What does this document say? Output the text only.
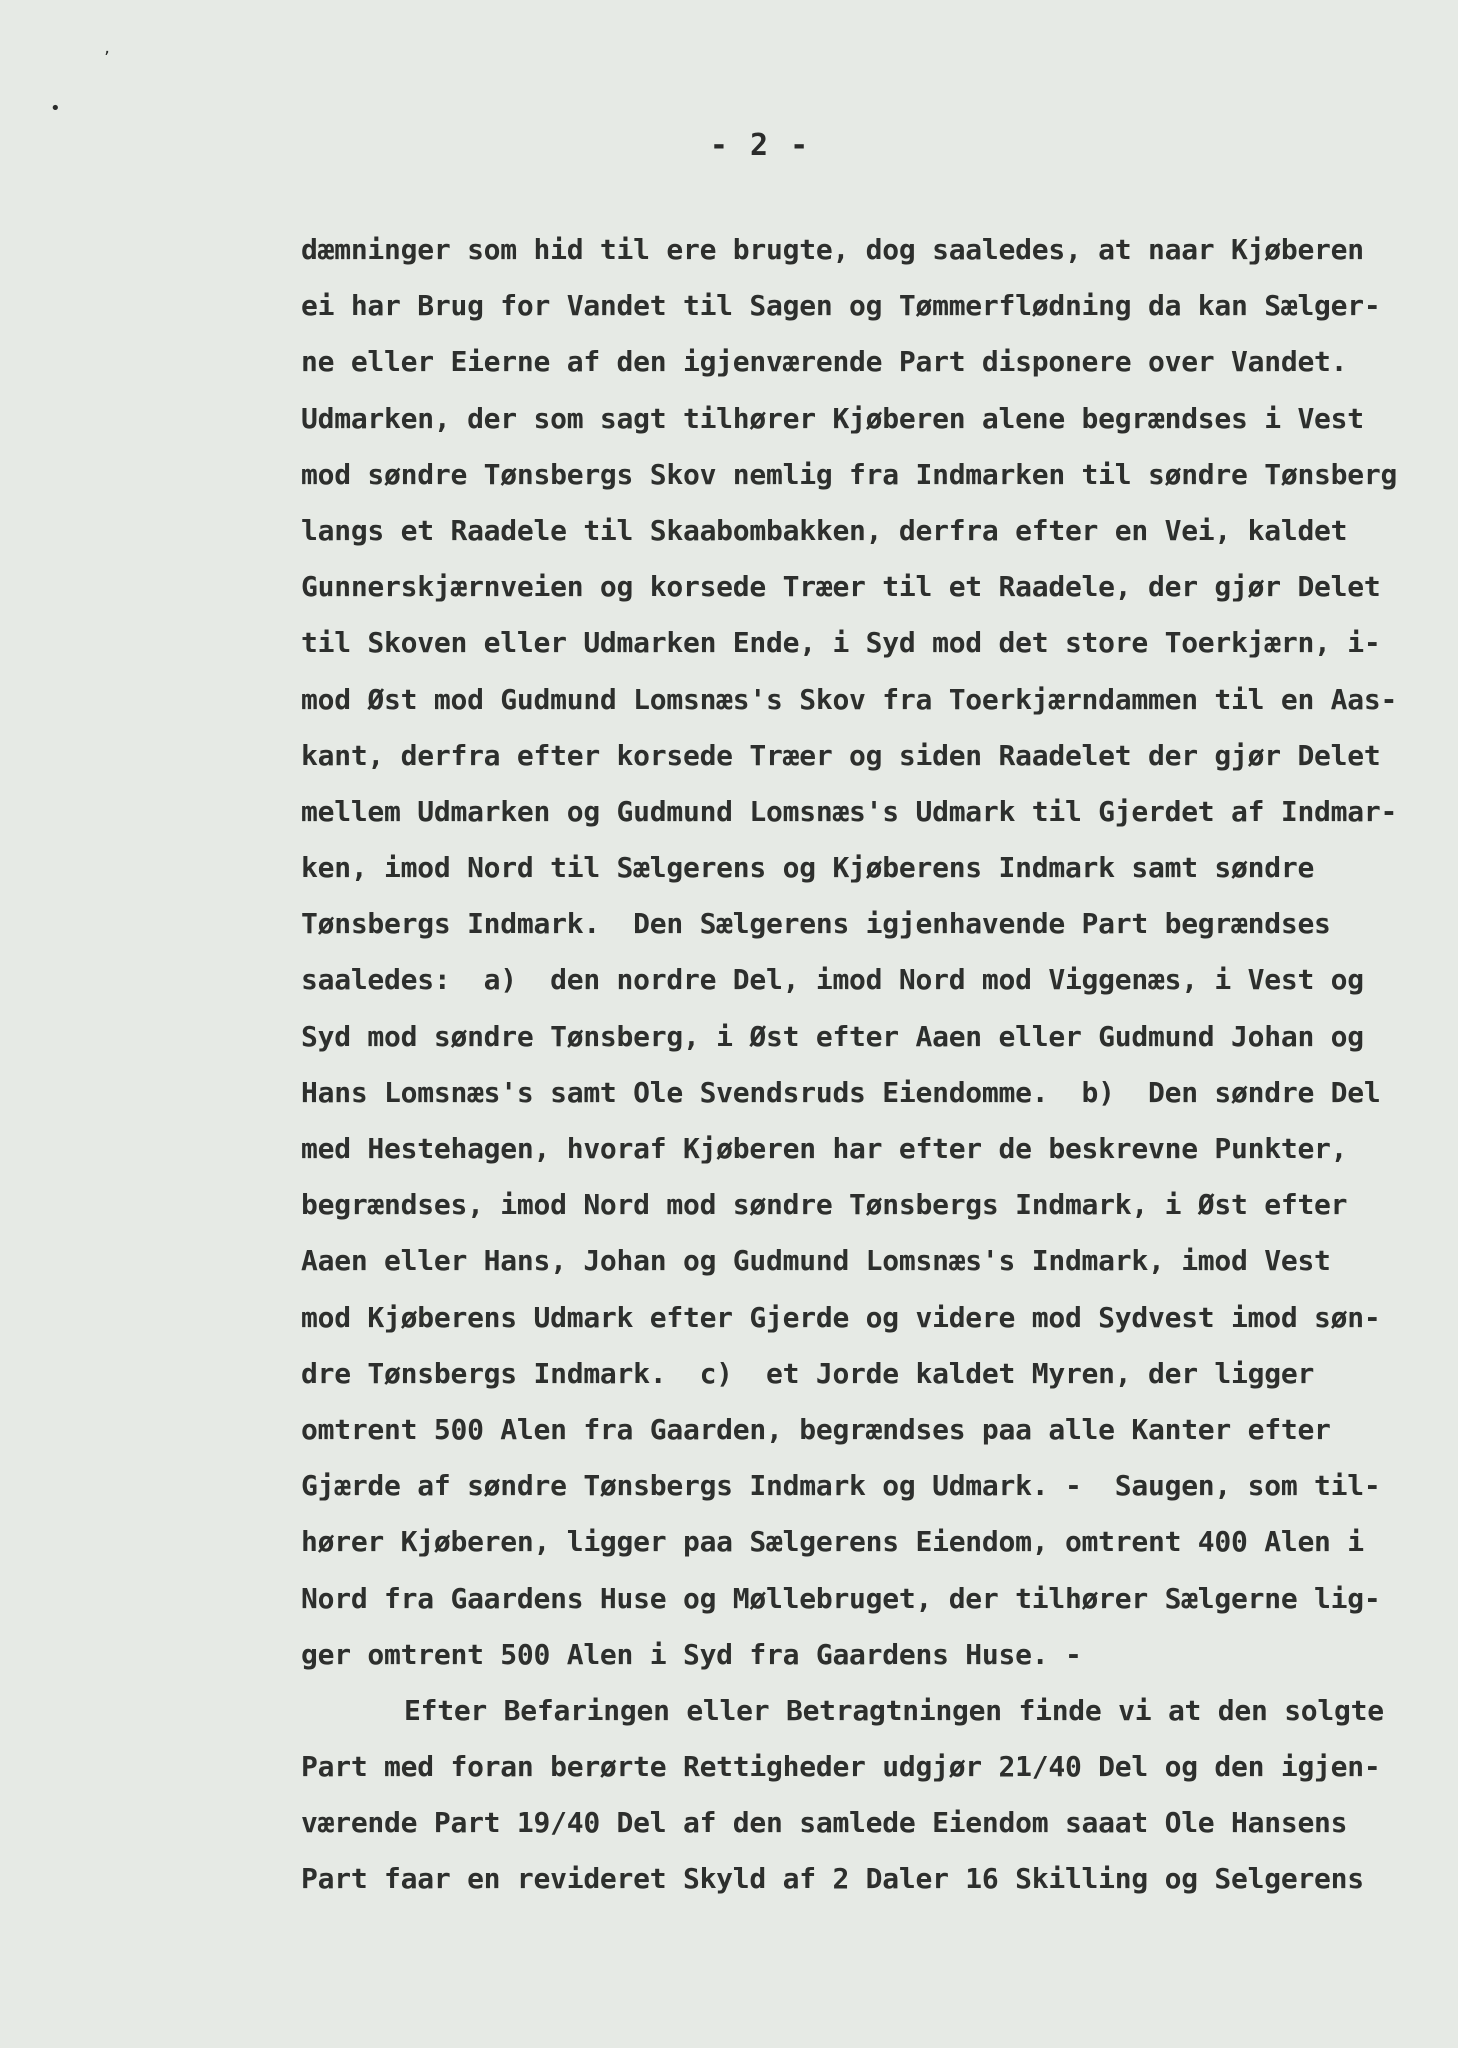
ʼ
•
- 2 -
dæmninger som hid til ere brugte, dog saaledes, at naar Kjøberen
ei har Brug for Vandet til Sagen og Tømmerflødning da kan Sælger-
ne eller Eierne af den igjenværende Part disponere over Vandet.
Udmarken, der som sagt tilhører Kjøberen alene begrændses i Vest
mod søndre Tønsbergs Skov nemlig fra Indmarken til søndre Tønsberg
langs et Raadele til Skaabombakken, derfra efter en Vei, kaldet
Gunnerskjærnveien og korsede Træer til et Raadele, der gjør Delet
til Skoven eller Udmarken Ende, i Syd mod det store Toerkjærn, i-
mod Øst mod Gudmund Lomsnæs's Skov fra Toerkjærndammen til en Aas-
kant, derfra efter korsede Træer og siden Raadelet der gjør Delet
mellem Udmarken og Gudmund Lomsnæs's Udmark til Gjerdet af Indmar-
ken, imod Nord til Sælgerens og Kjøberens Indmark samt søndre
Tønsbergs Indmark.  Den Sælgerens igjenhavende Part begrændses
saaledes:  a)  den nordre Del, imod Nord mod Viggenæs, i Vest og
Syd mod søndre Tønsberg, i Øst efter Aaen eller Gudmund Johan og
Hans Lomsnæs's samt Ole Svendsruds Eiendomme.  b)  Den søndre Del
med Hestehagen, hvoraf Kjøberen har efter de beskrevne Punkter,
begrændses, imod Nord mod søndre Tønsbergs Indmark, i Øst efter
Aaen eller Hans, Johan og Gudmund Lomsnæs's Indmark, imod Vest
mod Kjøberens Udmark efter Gjerde og videre mod Sydvest imod søn-
dre Tønsbergs Indmark.  c)  et Jorde kaldet Myren, der ligger
omtrent 500 Alen fra Gaarden, begrændses paa alle Kanter efter
Gjærde af søndre Tønsbergs Indmark og Udmark. -  Saugen, som til-
hører Kjøberen, ligger paa Sælgerens Eiendom, omtrent 400 Alen i
Nord fra Gaardens Huse og Møllebruget, der tilhører Sælgerne lig-
ger omtrent 500 Alen i Syd fra Gaardens Huse. -
Efter Befaringen eller Betragtningen finde vi at den solgte
Part med foran berørte Rettigheder udgjør 21/40 Del og den igjen-
værende Part 19/40 Del af den samlede Eiendom saaat Ole Hansens
Part faar en revideret Skyld af 2 Daler 16 Skilling og Selgerens
